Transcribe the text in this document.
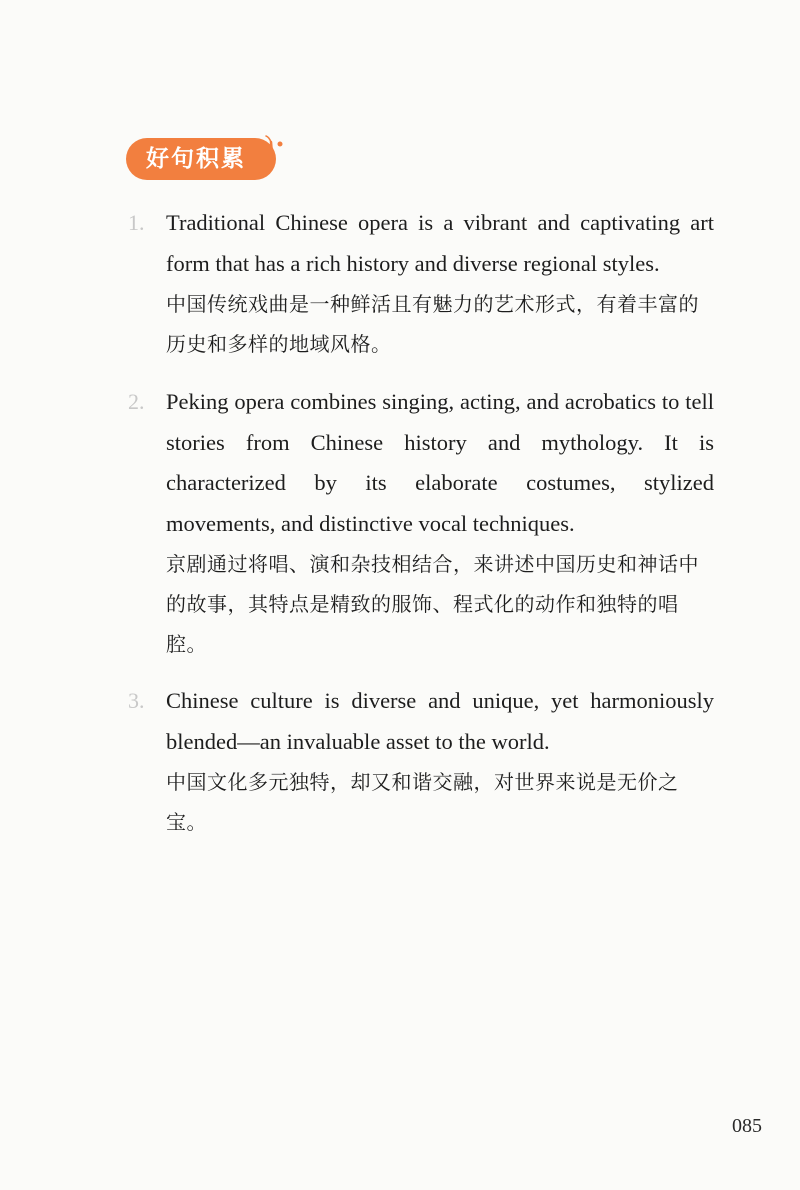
好句积累
1. Traditional Chinese opera is a vibrant and captivating art form that has a rich history and diverse regional styles.

中国传统戏曲是一种鲜活且有魅力的艺术形式，有着丰富的历史和多样的地域风格。

2. Peking opera combines singing, acting, and acrobatics to tell stories from Chinese history and mythology. It is characterized by its elaborate costumes, stylized movements, and distinctive vocal techniques.

京剧通过将唱、演和杂技相结合，来讲述中国历史和神话中的故事，其特点是精致的服饰、程式化的动作和独特的唱腔。

3. Chinese culture is diverse and unique, yet harmoniously blended—an invaluable asset to the world.

中国文化多元独特，却又和谐交融，对世界来说是无价之宝。

085
